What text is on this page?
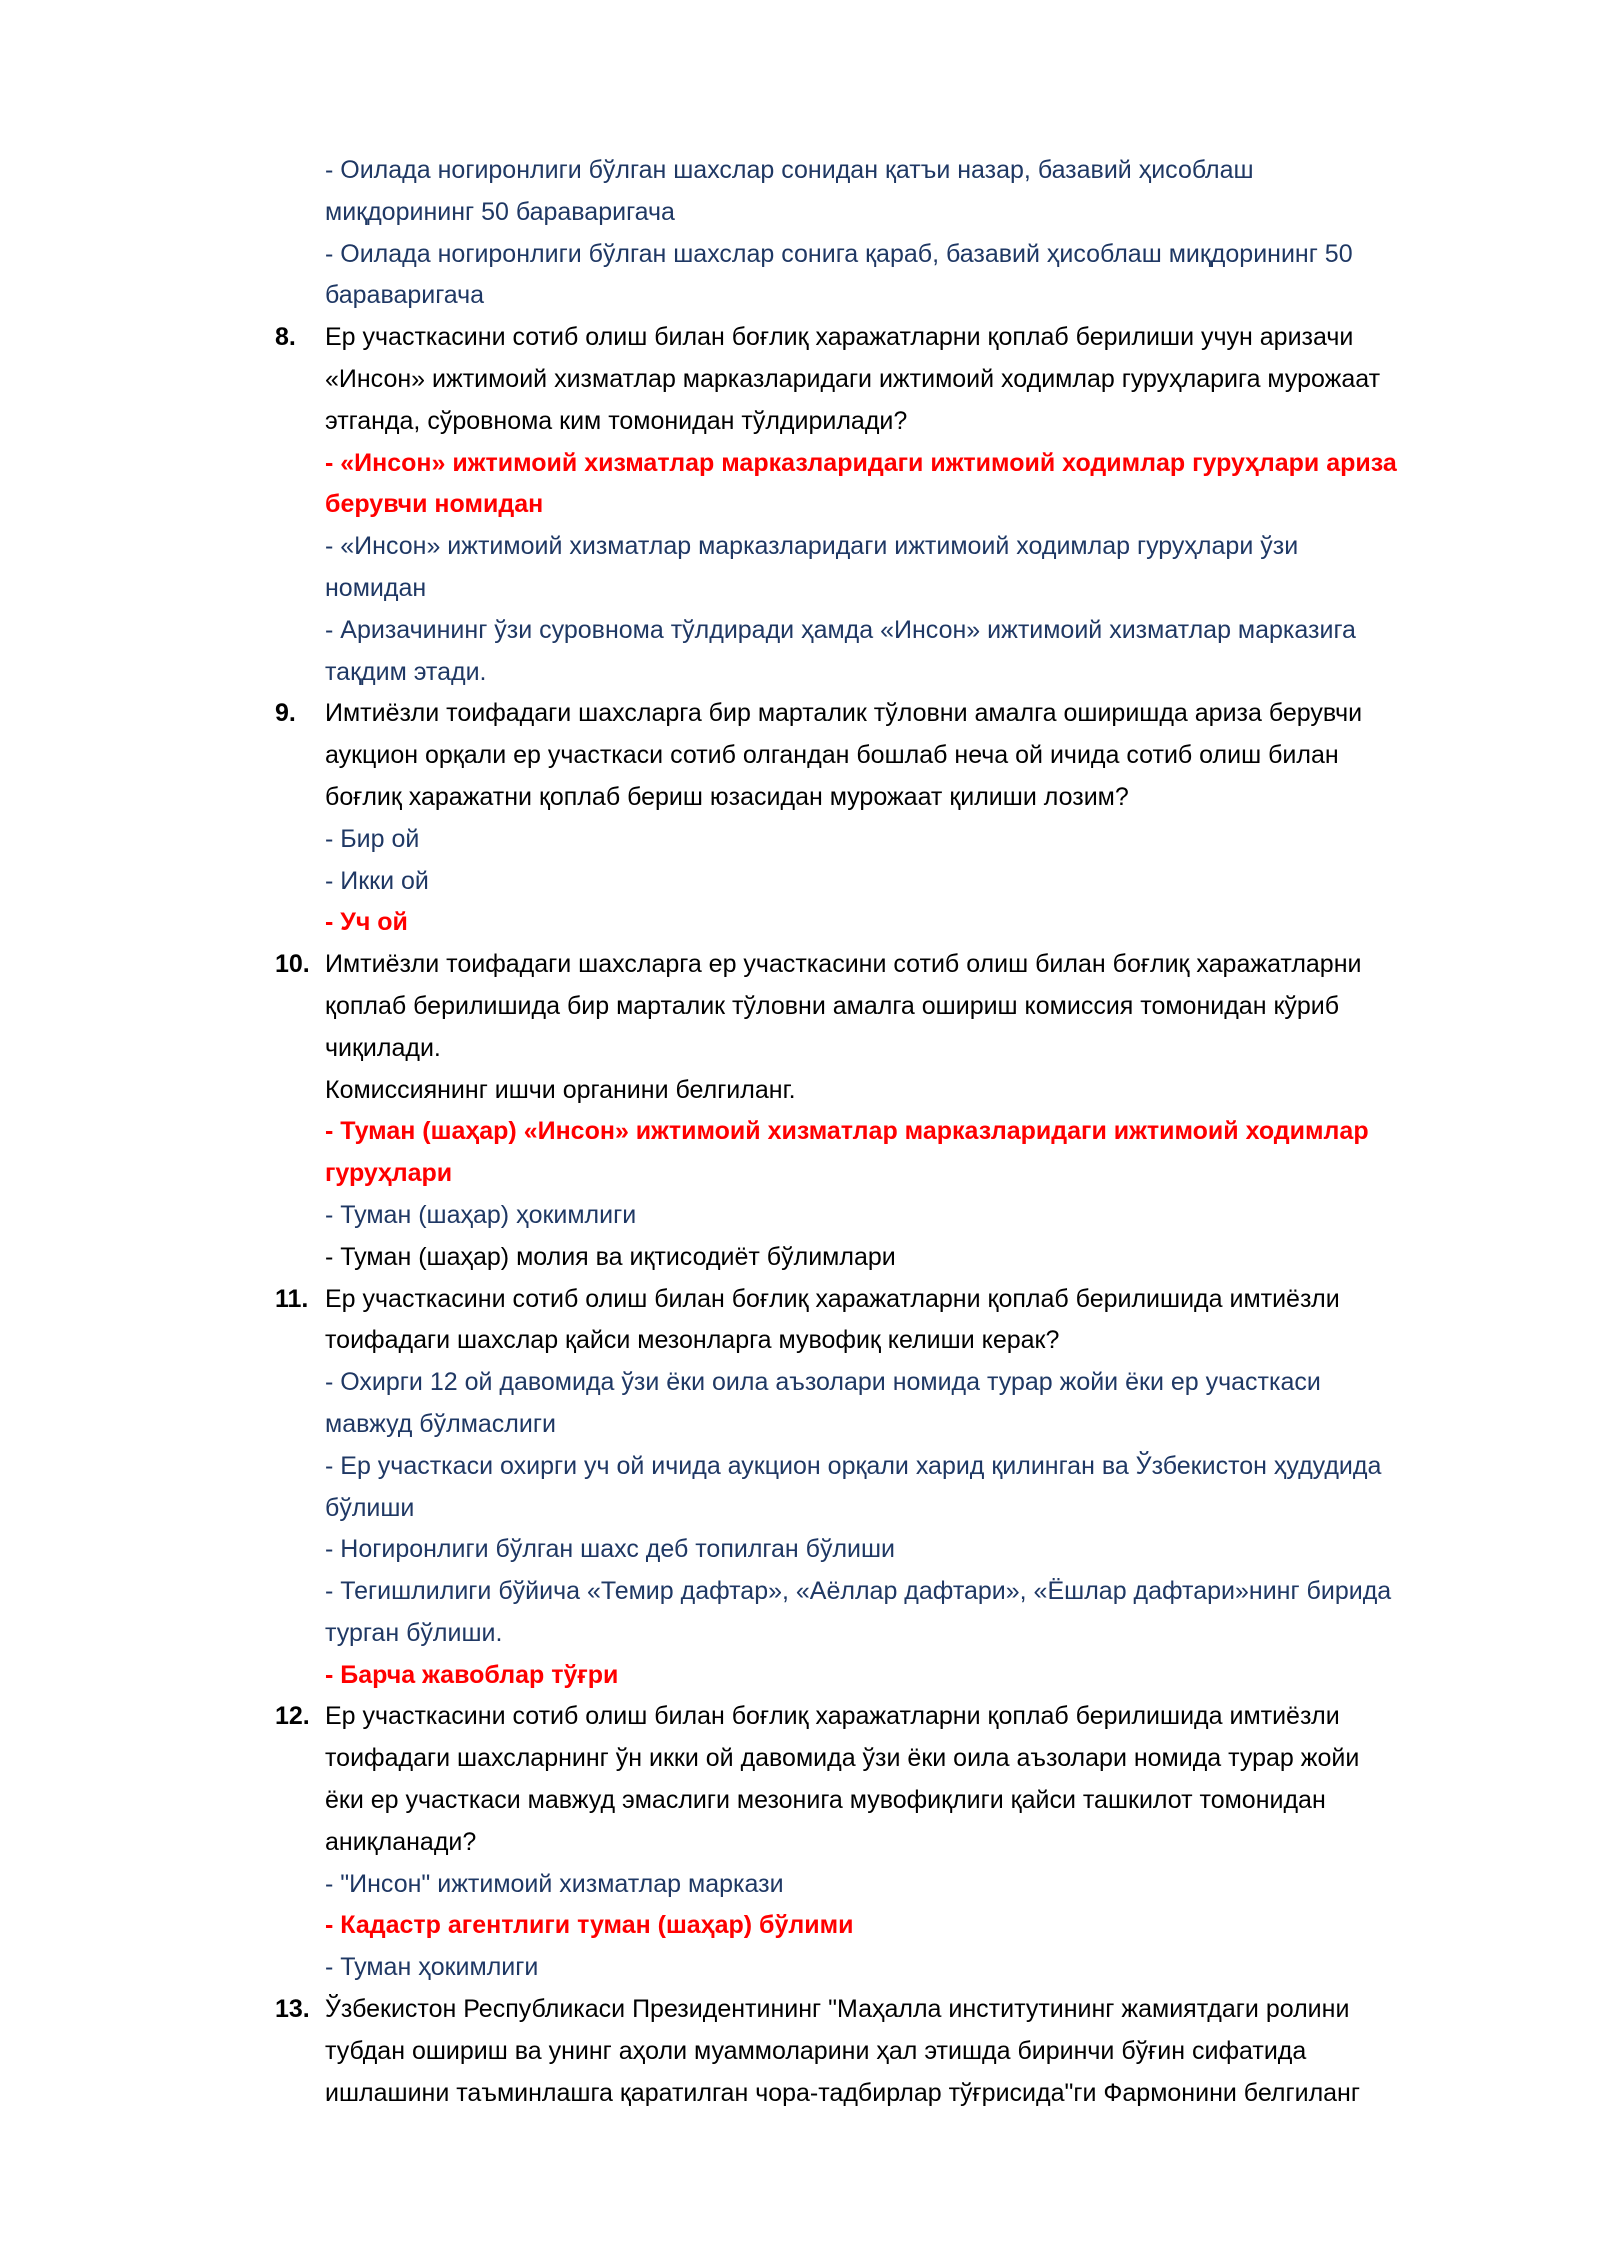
- Оилада ногиронлиги бўлган шахслар сонидан қатъи назар, базавий ҳисоблаш
миқдорининг 50 бараваригача
- Оилада ногиронлиги бўлган шахслар сонига қараб, базавий ҳисоблаш миқдорининг 50
бараваригача
8. Ер участкасини сотиб олиш билан боғлиқ харажатларни қоплаб берилиши учун аризачи
«Инсон» ижтимоий хизматлар марказларидаги ижтимоий ходимлар гуруҳларига мурожаат
этганда, сўровнома ким томонидан тўлдирилади?
- «Инсон» ижтимоий хизматлар марказларидаги ижтимоий ходимлар гуруҳлари ариза
берувчи номидан
- «Инсон» ижтимоий хизматлар марказларидаги ижтимоий ходимлар гуруҳлари ўзи
номидан
- Аризачининг ўзи суровнома тўлдиради ҳамда «Инсон» ижтимоий хизматлар марказига
тақдим этади.
9. Имтиёзли тоифадаги шахсларга бир марталик тўловни амалга оширишда ариза берувчи
аукцион орқали ер участкаси сотиб олгандан бошлаб неча ой ичида сотиб олиш билан
боғлиқ харажатни қоплаб бериш юзасидан мурожаат қилиши лозим?
- Бир ой
- Икки ой
- Уч ой
10. Имтиёзли тоифадаги шахсларга ер участкасини сотиб олиш билан боғлиқ харажатларни
қоплаб берилишида бир марталик тўловни амалга ошириш комиссия томонидан кўриб
чиқилади.
Комиссиянинг ишчи органини белгиланг.
- Туман (шаҳар) «Инсон» ижтимоий хизматлар марказларидаги ижтимоий ходимлар
гуруҳлари
- Туман (шаҳар) ҳокимлиги
- Туман (шаҳар) молия ва иқтисодиёт бўлимлари
11. Ер участкасини сотиб олиш билан боғлиқ харажатларни қоплаб берилишида имтиёзли
тоифадаги шахслар қайси мезонларга мувофиқ келиши керак?
- Охирги 12 ой давомида ўзи ёки оила аъзолари номида турар жойи ёки ер участкаси
мавжуд бўлмаслиги
- Ер участкаси охирги уч ой ичида аукцион орқали харид қилинган ва Ўзбекистон ҳудудида
бўлиши
- Ногиронлиги бўлган шахс деб топилган бўлиши
- Тегишлилиги бўйича «Темир дафтар», «Аёллар дафтари», «Ёшлар дафтари»нинг бирида
турган бўлиши.
- Барча жавоблар тўғри
12. Ер участкасини сотиб олиш билан боғлиқ харажатларни қоплаб берилишида имтиёзли
тоифадаги шахсларнинг ўн икки ой давомида ўзи ёки оила аъзолари номида турар жойи
ёки ер участкаси мавжуд эмаслиги мезонига мувофиқлиги қайси ташкилот томонидан
аниқланади?
- "Инсон" ижтимоий хизматлар маркази
- Кадастр агентлиги туман (шаҳар) бўлими
- Туман ҳокимлиги
13. Ўзбекистон Республикаси Президентининг "Маҳалла институтининг жамиятдаги ролини
тубдан ошириш ва унинг аҳоли муаммоларини ҳал этишда биринчи бўғин сифатида
ишлашини таъминлашга қаратилган чора-тадбирлар тўғрисида"ги Фармонини белгиланг
